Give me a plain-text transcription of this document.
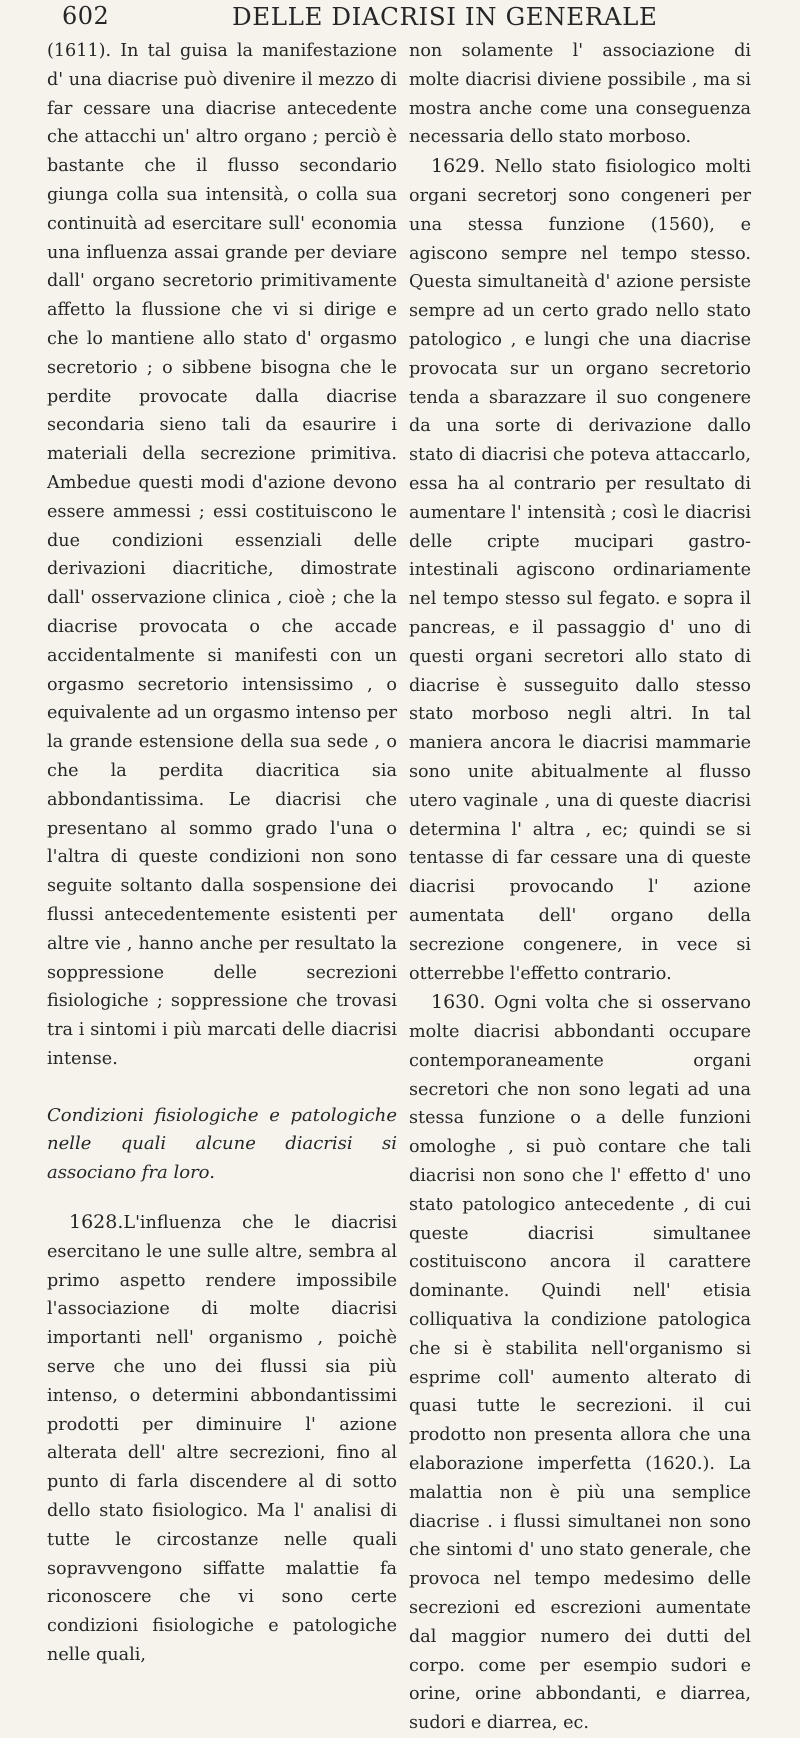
602	DELLE DIACRISI IN GENERALE

(1611). In tal guisa la manifestazione d' una diacrise può divenire il mezzo di far cessare una diacrise antecedente che attacchi un' altro organo ; perciò è bastante che il flusso secondario giunga colla sua intensità, o colla sua continuità ad esercitare sull' economia una influenza assai grande per deviare dall' organo secretorio primitivamente affetto la flussione che vi si dirige e che lo mantiene allo stato d' orgasmo secretorio ; o sibbene bisogna che le perdite provocate dalla diacrise secondaria sieno tali da esaurire i materiali della secrezione primitiva. Ambedue questi modi d'azione devono essere ammessi ; essi costituiscono le due condizioni essenziali delle derivazioni diacritiche, dimostrate dall' osservazione clinica , cioè ; che la diacrise provocata o che accade accidentalmente si manifesti con un orgasmo secretorio intensissimo , o equivalente ad un orgasmo intenso per la grande estensione della sua sede , o che la perdita diacritica sia abbondantissima. Le diacrisi che presentano al sommo grado l'una o l'altra di queste condizioni non sono seguite soltanto dalla sospensione dei flussi antecedentemente esistenti per altre vie , hanno anche per resultato la soppressione delle secrezioni fisiologiche ; soppressione che trovasi tra i sintomi i più marcati delle diacrisi intense.

Condizioni fisiologiche e patologiche nelle quali alcune diacrisi si associano fra loro.

1628.L'influenza che le diacrisi esercitano le une sulle altre, sembra al primo aspetto rendere impossibile l'associazione di molte diacrisi importanti nell' organismo , poichè serve che uno dei flussi sia più intenso, o determini abbondantissimi prodotti per diminuire l' azione alterata dell' altre secrezioni, fino al punto di farla discendere al di sotto dello stato fisiologico. Ma l' analisi di tutte le circostanze nelle quali sopravvengono siffatte malattie fa riconoscere che vi sono certe condizioni fisiologiche e patologiche nelle quali,

non solamente l' associazione di molte diacrisi diviene possibile , ma si mostra anche come una conseguenza necessaria dello stato morboso.

1629. Nello stato fisiologico molti organi secretorj sono congeneri per una stessa funzione (1560), e agiscono sempre nel tempo stesso. Questa simultaneità d' azione persiste sempre ad un certo grado nello stato patologico , e lungi che una diacrise provocata sur un organo secretorio tenda a sbarazzare il suo congenere da una sorte di derivazione dallo stato di diacrisi che poteva attaccarlo, essa ha al contrario per resultato di aumentare l' intensità ; così le diacrisi delle cripte mucipari gastro-intestinali agiscono ordinariamente nel tempo stesso sul fegato. e sopra il pancreas, e il passaggio d' uno di questi organi secretori allo stato di diacrise è susseguito dallo stesso stato morboso negli altri. In tal maniera ancora le diacrisi mammarie sono unite abitualmente al flusso utero vaginale , una di queste diacrisi determina l' altra , ec; quindi se si tentasse di far cessare una di queste diacrisi provocando l' azione aumentata dell' organo della secrezione congenere, in vece si otterrebbe l'effetto contrario.

1630. Ogni volta che si osservano molte diacrisi abbondanti occupare contemporaneamente organi secretori che non sono legati ad una stessa funzione o a delle funzioni omologhe , si può contare che tali diacrisi non sono che l' effetto d' uno stato patologico antecedente , di cui queste diacrisi simultanee costituiscono ancora il carattere dominante. Quindi nell' etisia colliquativa la condizione patologica che si è stabilita nell'organismo si esprime coll' aumento alterato di quasi tutte le secrezioni. il cui prodotto non presenta allora che una elaborazione imperfetta (1620.). La malattia non è più una semplice diacrise . i flussi simultanei non sono che sintomi d' uno stato generale, che provoca nel tempo medesimo delle secrezioni ed escrezioni aumentate dal maggior numero dei dutti del corpo. come per esempio sudori e orine, orine abbondanti, e diarrea, sudori e diarrea, ec.
